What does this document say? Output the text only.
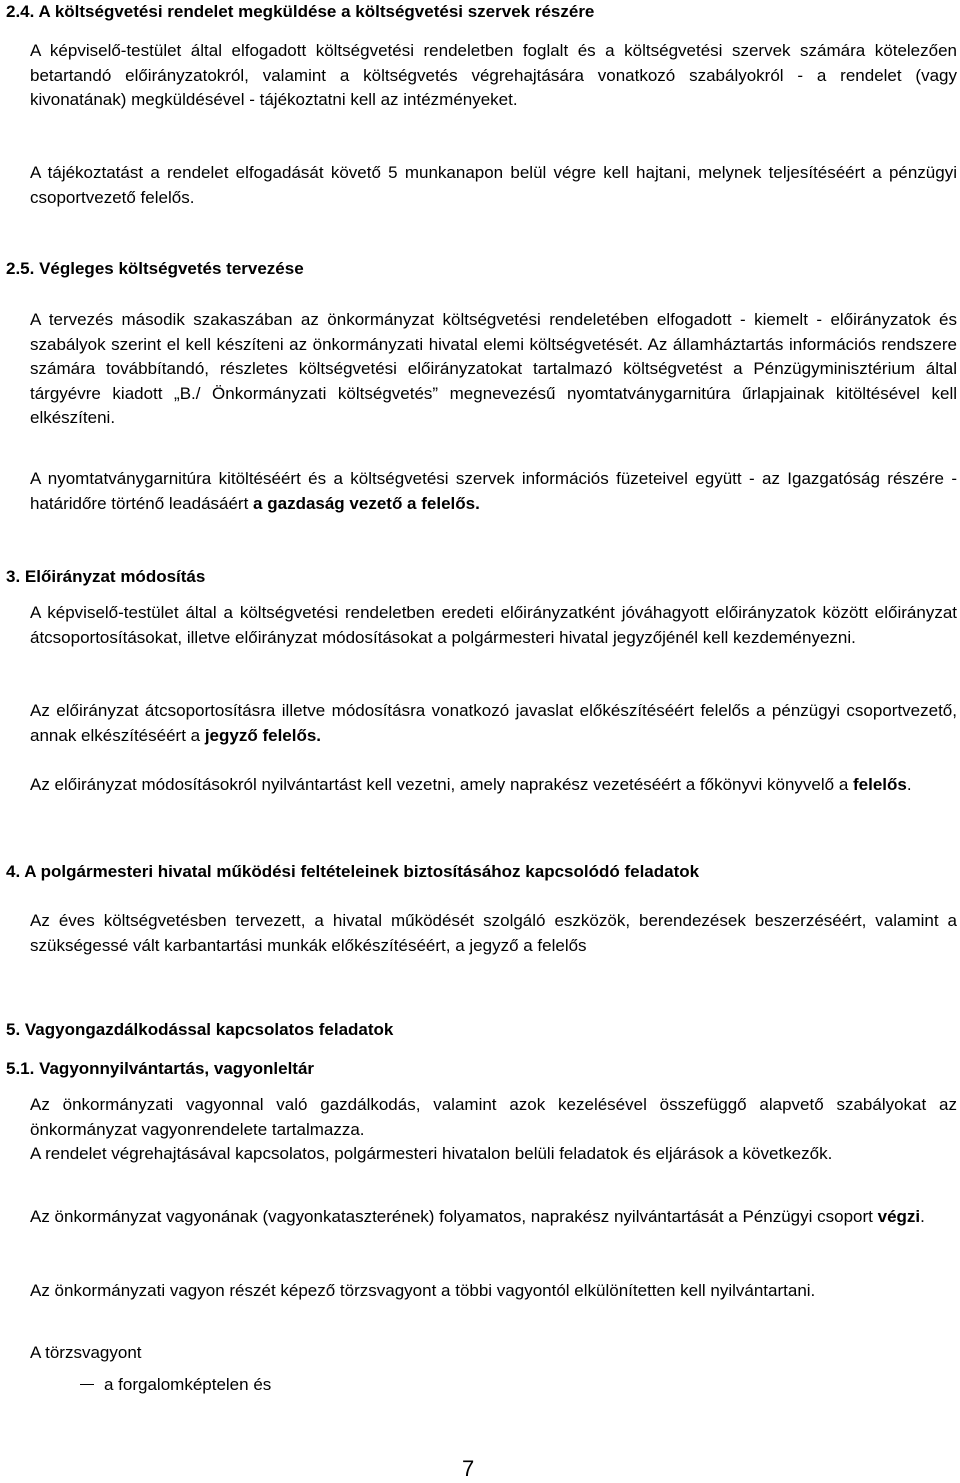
2.4. A költségvetési rendelet megküldése a költségvetési szervek részére

A képviselő-testület által elfogadott költségvetési rendeletben foglalt és a költségvetési szervek számára kötelezően betartandó előirányzatokról, valamint a költségvetés végrehajtására vonatkozó szabályokról - a rendelet (vagy kivonatának) megküldésével - tájékoztatni kell az intézményeket.

A tájékoztatást a rendelet elfogadását követő 5 munkanapon belül végre kell hajtani, melynek teljesítéséért a pénzügyi csoportvezető felelős.

2.5. Végleges költségvetés tervezése

A tervezés második szakaszában az önkormányzat költségvetési rendeletében elfogadott - kiemelt - előirányzatok és szabályok szerint el kell készíteni az önkormányzati hivatal elemi költségvetését. Az államháztartás információs rendszere számára továbbítandó, részletes költségvetési előirányzatokat tartalmazó költségvetést a Pénzügyminisztérium által tárgyévre kiadott „B./ Önkormányzati költségvetés” megnevezésű nyomtatványgarnitúra űrlapjainak kitöltésével kell elkészíteni.

A nyomtatványgarnitúra kitöltéséért és a költségvetési szervek információs füzeteivel együtt - az Igazgatóság részére - határidőre történő leadásáért a gazdaság vezető a felelős.

3. Előirányzat módosítás

A képviselő-testület által a költségvetési rendeletben eredeti előirányzatként jóváhagyott előirányzatok között előirányzat átcsoportosításokat, illetve előirányzat módosításokat a polgármesteri hivatal jegyzőjénél kell kezdeményezni.

Az előirányzat átcsoportosításra illetve módosításra vonatkozó javaslat előkészítéséért felelős a pénzügyi csoportvezető, annak elkészítéséért a jegyző felelős.

Az előirányzat módosításokról nyilvántartást kell vezetni, amely naprakész vezetéséért a főkönyvi könyvelő a felelős.

4. A polgármesteri hivatal működési feltételeinek biztosításához kapcsolódó feladatok

Az éves költségvetésben tervezett, a hivatal működését szolgáló eszközök, berendezések beszerzéséért, valamint a szükségessé vált karbantartási munkák előkészítéséért, a jegyző a felelős

5. Vagyongazdálkodással kapcsolatos feladatok
5.1. Vagyonnyilvántartás, vagyonleltár

Az önkormányzati vagyonnal való gazdálkodás, valamint azok kezelésével összefüggő alapvető szabályokat az önkormányzat vagyonrendelete tartalmazza.

A rendelet végrehajtásával kapcsolatos, polgármesteri hivatalon belüli feladatok és eljárások a következők.

Az önkormányzat vagyonának (vagyonkataszterének) folyamatos, naprakész nyilvántartását a Pénzügyi csoport végzi.

Az önkormányzati vagyon részét képező törzsvagyont a többi vagyontól elkülönítetten kell nyilvántartani.

A törzsvagyont

a forgalomképtelen és

7
